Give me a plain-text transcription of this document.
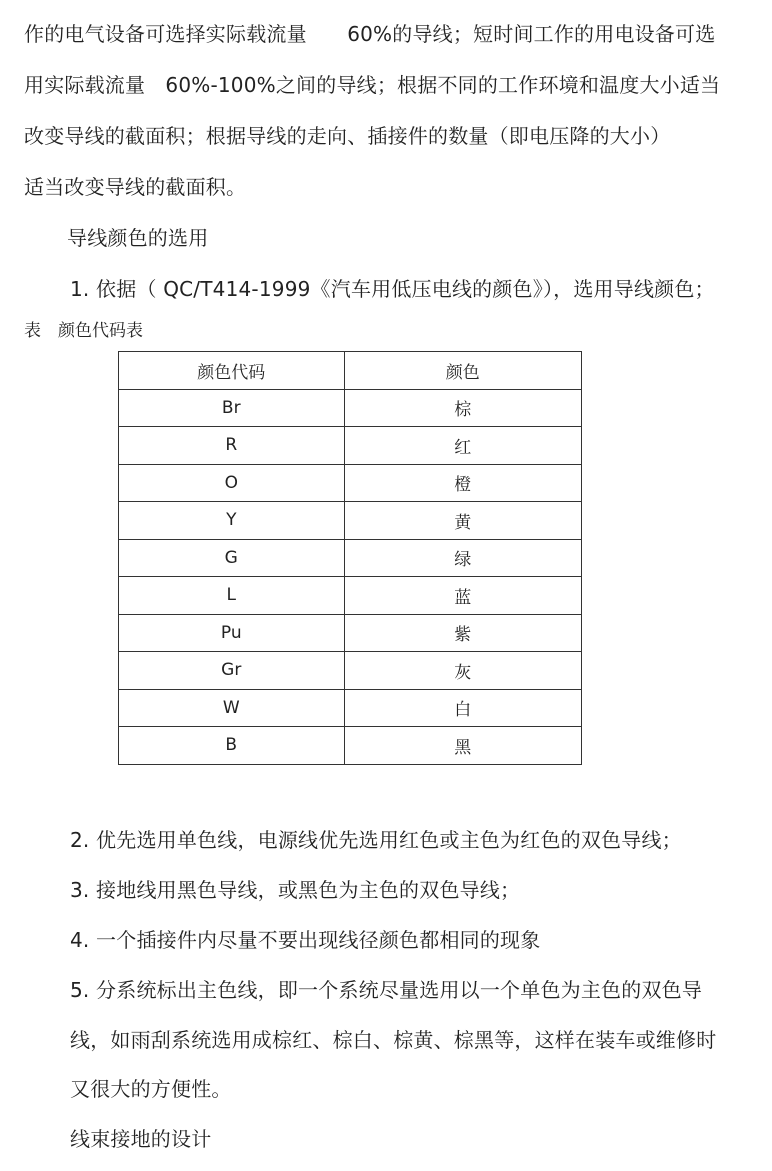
作的电气设备可选择实际载流量　　60%的导线；短时间工作的用电设备可选
用实际载流量　60%-100%之间的导线；根据不同的工作环境和温度大小适当
改变导线的截面积；根据导线的走向、插接件的数量（即电压降的大小）
适当改变导线的截面积。
导线颜色的选用
1. 依据（ QC/T414-1999《汽车用低压电线的颜色》），选用导线颜色；
表　颜色代码表
颜色代码	颜色
Br	棕
R	红
O	橙
Y	黄
G	绿
L	蓝
Pu	紫
Gr	灰
W	白
B	黑
2. 优先选用单色线，电源线优先选用红色或主色为红色的双色导线；
3. 接地线用黑色导线，或黑色为主色的双色导线；
4. 一个插接件内尽量不要出现线径颜色都相同的现象
5. 分系统标出主色线，即一个系统尽量选用以一个单色为主色的双色导
线，如雨刮系统选用成棕红、棕白、棕黄、棕黑等，这样在装车或维修时
又很大的方便性。
线束接地的设计
